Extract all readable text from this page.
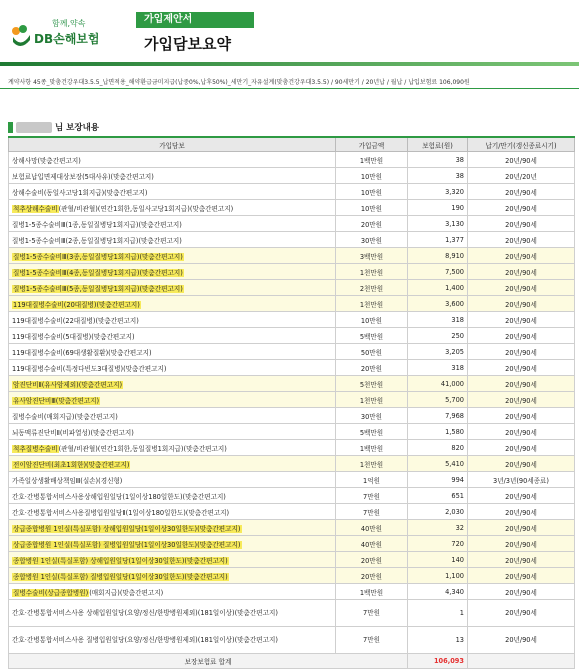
함께,약속
DB손해보험
가입제안서
가입담보요약
계약사항 45종_맞춤건강우대3.5.5_납면적용_해약환급금미지급(납중0%,납후50%)_세만기_자유설계(맞춤건강우대3.5.5) / 90세만기 / 20년납 / 월납 / 납입보험료 106,090원
님 보장내용
가입담보	가입금액	보험료(원)	납기/만기(갱신종료시기)
상해사망(맞춤간편고지)	1백만원	38	20년/90세
보험료납입면제대상보장(5대사유)(맞춤간편고지)	10만원	38	20년/20년
상해수술비(동일사고당1회지급)(맞춤간편고지)	10만원	3,320	20년/90세
척추상해수술비(관혈/비관혈)(연간1회한,동일사고당1회지급)(맞춤간편고지)	10만원	190	20년/90세
질병1-5종수술비Ⅲ(1종,동일질병당1회지급)(맞춤간편고지)	20만원	3,130	20년/90세
질병1-5종수술비Ⅲ(2종,동일질병당1회지급)(맞춤간편고지)	30만원	1,377	20년/90세
질병1-5종수술비Ⅲ(3종,동일질병당1회지급)(맞춤간편고지)	3백만원	8,910	20년/90세
질병1-5종수술비Ⅲ(4종,동일질병당1회지급)(맞춤간편고지)	1천만원	7,500	20년/90세
질병1-5종수술비Ⅲ(5종,동일질병당1회지급)(맞춤간편고지)	2천만원	1,400	20년/90세
119대질병수술비(20대질병)(맞춤간편고지)	1천만원	3,600	20년/90세
119대질병수술비(22대질병)(맞춤간편고지)	10만원	318	20년/90세
119대질병수술비(5대질병)(맞춤간편고지)	5백만원	250	20년/90세
119대질병수술비(69대생활질환)(맞춤간편고지)	50만원	3,205	20년/90세
119대질병수술비(특정다빈도3대질병)(맞춤간편고지)	20만원	318	20년/90세
암진단비Ⅱ(유사암제외)(맞춤간편고지)	5천만원	41,000	20년/90세
유사암진단비Ⅲ(맞춤간편고지)	1천만원	5,700	20년/90세
질병수술비(매회지급)(맞춤간편고지)	30만원	7,968	20년/90세
뇌동맥류진단비Ⅱ(비파열성)(맞춤간편고지)	5백만원	1,580	20년/90세
척추질병수술비(관혈/비관혈)(연간1회한,동일질병1회지급)(맞춤간편고지)	1백만원	820	20년/90세
전이암진단비(최초1회한)(맞춤간편고지)	1천만원	5,410	20년/90세
가족일상생활배상책임Ⅲ(실손)(경신형)	1억원	994	3년/3년(90세종료)
간호·간병통합서비스사용상해입원일당(1일이상180일한도)(맞춤간편고지)	7만원	651	20년/90세
간호·간병통합서비스사용질병입원일당Ⅱ(1일이상180일한도)(맞춤간편고지)	7만원	2,030	20년/90세
상급종합병원 1인실(특실포함) 상해입원일당(1일이상30일한도)(맞춤간편고지)	40만원	32	20년/90세
상급종합병원 1인실(특실포함) 질병입원일당(1일이상30일한도)(맞춤간편고지)	40만원	720	20년/90세
종합병원 1인실(특실포함) 상해입원일당(1일이상30일한도)(맞춤간편고지)	20만원	140	20년/90세
종합병원 1인실(특실포함) 질병입원일당(1일이상30일한도)(맞춤간편고지)	20만원	1,100	20년/90세
질병수술비(상급종합병원)(매회지급)(맞춤간편고지)	1백만원	4,340	20년/90세
간호·간병통합서비스사용 상해입원일당(요양/정신/한방병원제외)(181일이상)(맞춤간편고지)	7만원	1	20년/90세
간호·간병통합서비스사용 질병입원일당(요양/정신/한방병원제외)(181일이상)(맞춤간편고지)	7만원	13	20년/90세
보장보험료 합계		106,093	
